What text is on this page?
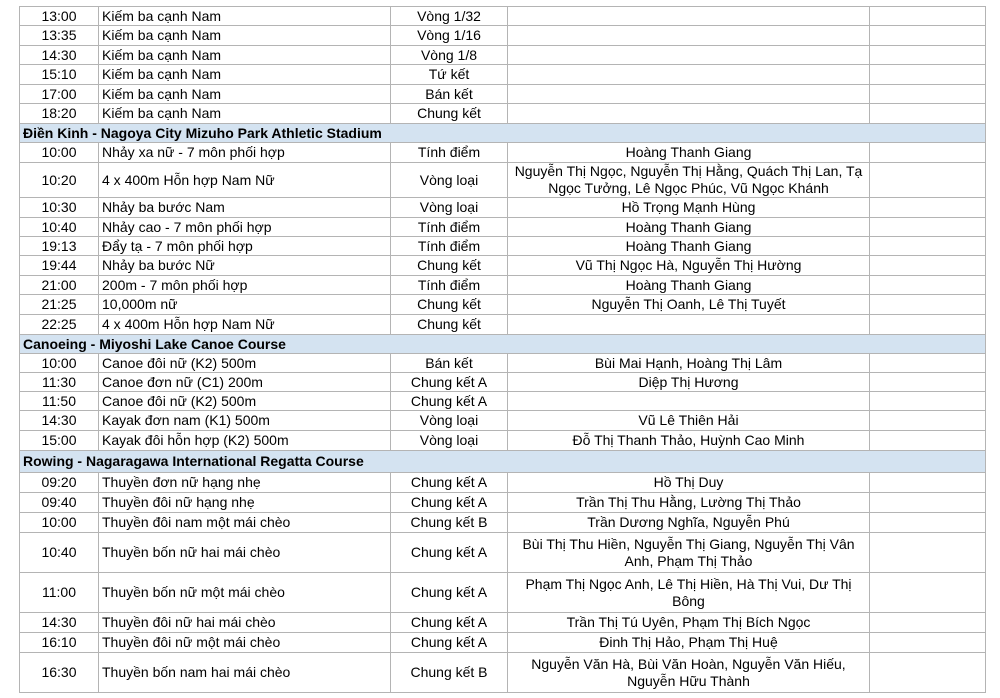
13:00	Kiếm ba cạnh Nam	Vòng 1/32		
13:35	Kiếm ba cạnh Nam	Vòng 1/16		
14:30	Kiếm ba cạnh Nam	Vòng 1/8		
15:10	Kiếm ba cạnh Nam	Tứ kết		
17:00	Kiếm ba cạnh Nam	Bán kết		
18:20	Kiếm ba cạnh Nam	Chung kết		
Điền Kinh - Nagoya City Mizuho Park Athletic Stadium				
10:00	Nhảy xa nữ - 7 môn phối hợp	Tính điểm	Hoàng Thanh Giang	
10:20	4 x 400m Hỗn hợp Nam Nữ	Vòng loại	Nguyễn Thị Ngọc, Nguyễn Thị Hằng, Quách Thị Lan, Tạ Ngọc Tưởng, Lê Ngọc Phúc, Vũ Ngọc Khánh	
10:30	Nhảy ba bước Nam	Vòng loại	Hồ Trọng Mạnh Hùng	
10:40	Nhảy cao - 7 môn phối hợp	Tính điểm	Hoàng Thanh Giang	
19:13	Đẩy tạ - 7 môn phối hợp	Tính điểm	Hoàng Thanh Giang	
19:44	Nhảy ba bước Nữ	Chung kết	Vũ Thị Ngọc Hà, Nguyễn Thị Hường	
21:00	200m - 7 môn phối hợp	Tính điểm	Hoàng Thanh Giang	
21:25	10,000m nữ	Chung kết	Nguyễn Thị Oanh, Lê Thị Tuyết	
22:25	4 x 400m Hỗn hợp Nam Nữ	Chung kết		
Canoeing - Miyoshi Lake Canoe Course				
10:00	Canoe đôi nữ (K2) 500m	Bán kết	Bùi Mai Hạnh, Hoàng Thị Lâm	
11:30	Canoe đơn nữ (C1) 200m	Chung kết A	Diệp Thị Hương	
11:50	Canoe đôi nữ (K2) 500m	Chung kết A		
14:30	Kayak đơn nam (K1) 500m	Vòng loại	Vũ Lê Thiên Hải	
15:00	Kayak đôi hỗn hợp (K2) 500m	Vòng loại	Đỗ Thị Thanh Thảo, Huỳnh Cao Minh	
Rowing - Nagaragawa International Regatta Course				
09:20	Thuyền đơn nữ hạng nhẹ	Chung kết A	Hồ Thị Duy	
09:40	Thuyền đôi nữ hạng nhẹ	Chung kết A	Trần Thị Thu Hằng, Lường Thị Thảo	
10:00	Thuyền đôi nam một mái chèo	Chung kết B	Trần Dương Nghĩa, Nguyễn Phú	
10:40	Thuyền bốn nữ hai mái chèo	Chung kết A	Bùi Thị Thu Hiền, Nguyễn Thị Giang, Nguyễn Thị Vân Anh, Phạm Thị Thảo	
11:00	Thuyền bốn nữ một mái chèo	Chung kết A	Phạm Thị Ngọc Anh, Lê Thị Hiền, Hà Thị Vui, Dư Thị Bông	
14:30	Thuyền đôi nữ hai mái chèo	Chung kết A	Trần Thị Tú Uyên, Phạm Thị Bích Ngọc	
16:10	Thuyền đôi nữ một mái chèo	Chung kết A	Đinh Thị Hảo, Phạm Thị Huệ	
16:30	Thuyền bốn nam hai mái chèo	Chung kết B	Nguyễn Văn Hà, Bùi Văn Hoàn, Nguyễn Văn Hiếu, Nguyễn Hữu Thành	
